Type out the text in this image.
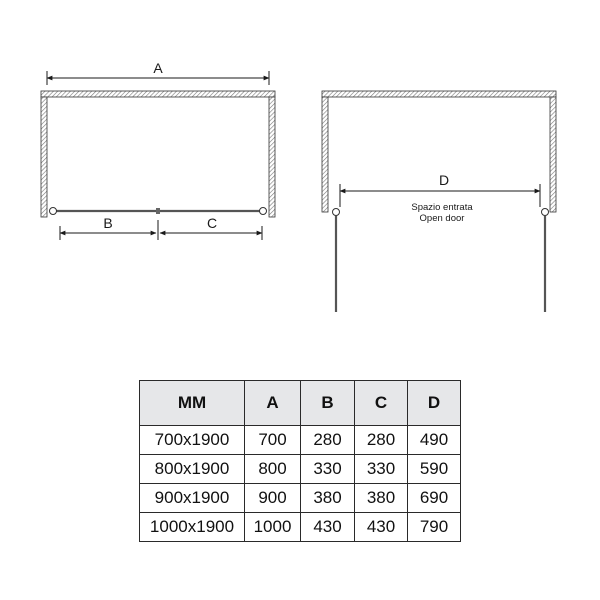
A
B	C
D
Spazio entrata
Open door
MM	A	B	C	D
700x1900	700	280	280	490
800x1900	800	330	330	590
900x1900	900	380	380	690
1000x1900	1000	430	430	790
